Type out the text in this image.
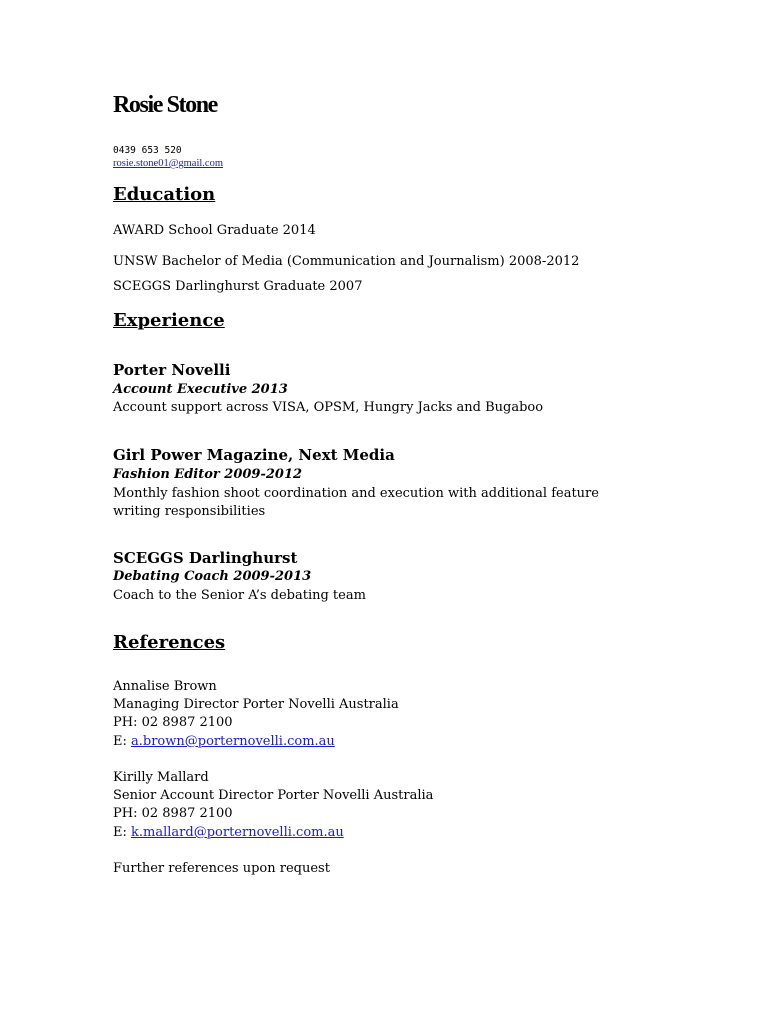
Rosie Stone
0439 653 520
rosie.stone01@gmail.com
Education
AWARD School Graduate 2014
UNSW Bachelor of Media (Communication and Journalism) 2008-2012
SCEGGS Darlinghurst Graduate 2007
Experience
Porter Novelli
Account Executive 2013
Account support across VISA, OPSM, Hungry Jacks and Bugaboo
Girl Power Magazine, Next Media
Fashion Editor 2009-2012
Monthly fashion shoot coordination and execution with additional feature writing responsibilities
SCEGGS Darlinghurst
Debating Coach 2009-2013
Coach to the Senior A’s debating team
References
Annalise Brown
Managing Director Porter Novelli Australia
PH: 02 8987 2100
E: a.brown@porternovelli.com.au
Kirilly Mallard
Senior Account Director Porter Novelli Australia
PH: 02 8987 2100
E: k.mallard@porternovelli.com.au
Further references upon request
